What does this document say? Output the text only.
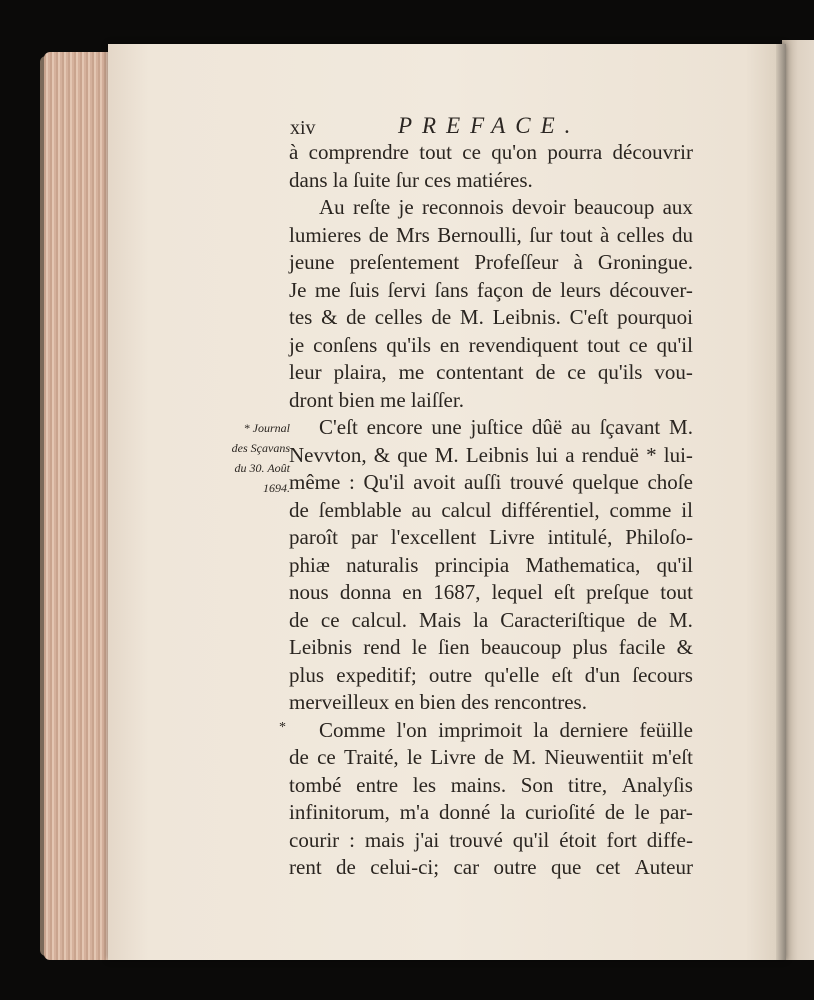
xiv	PREFACE.
à comprendre tout ce qu'on pourra découvrir
dans la ſuite ſur ces matiéres.
Au reſte je reconnois devoir beaucoup aux
lumieres de Mrs Bernoulli, ſur tout à celles du
jeune preſentement Profeſſeur à Groningue.
Je me ſuis ſervi ſans façon de leurs découver-
tes & de celles de M. Leibnis. C'eſt pourquoi
je conſens qu'ils en revendiquent tout ce qu'il
leur plaira, me contentant de ce qu'ils vou-
dront bien me laiſſer.
C'eſt encore une juſtice dûë au ſçavant M.
Nevvton, & que M. Leibnis lui a renduë * lui-
même : Qu'il avoit auſſi trouvé quelque choſe
de ſemblable au calcul différentiel, comme il
paroît par l'excellent Livre intitulé, Philoſo-
phiæ naturalis principia Mathematica, qu'il
nous donna en 1687, lequel eſt preſque tout
de ce calcul. Mais la Caracteriſtique de M.
Leibnis rend le ſien beaucoup plus facile &
plus expeditif; outre qu'elle eſt d'un ſecours
merveilleux en bien des rencontres.
Comme l'on imprimoit la derniere feüille
de ce Traité, le Livre de M. Nieuwentiit m'eſt
tombé entre les mains. Son titre, Analyſis
infinitorum, m'a donné la curioſité de le par-
courir : mais j'ai trouvé qu'il étoit fort diffe-
rent de celui-ci; car outre que cet Auteur
* Journal
des Sçavans
du 30. Août
1694.
*
